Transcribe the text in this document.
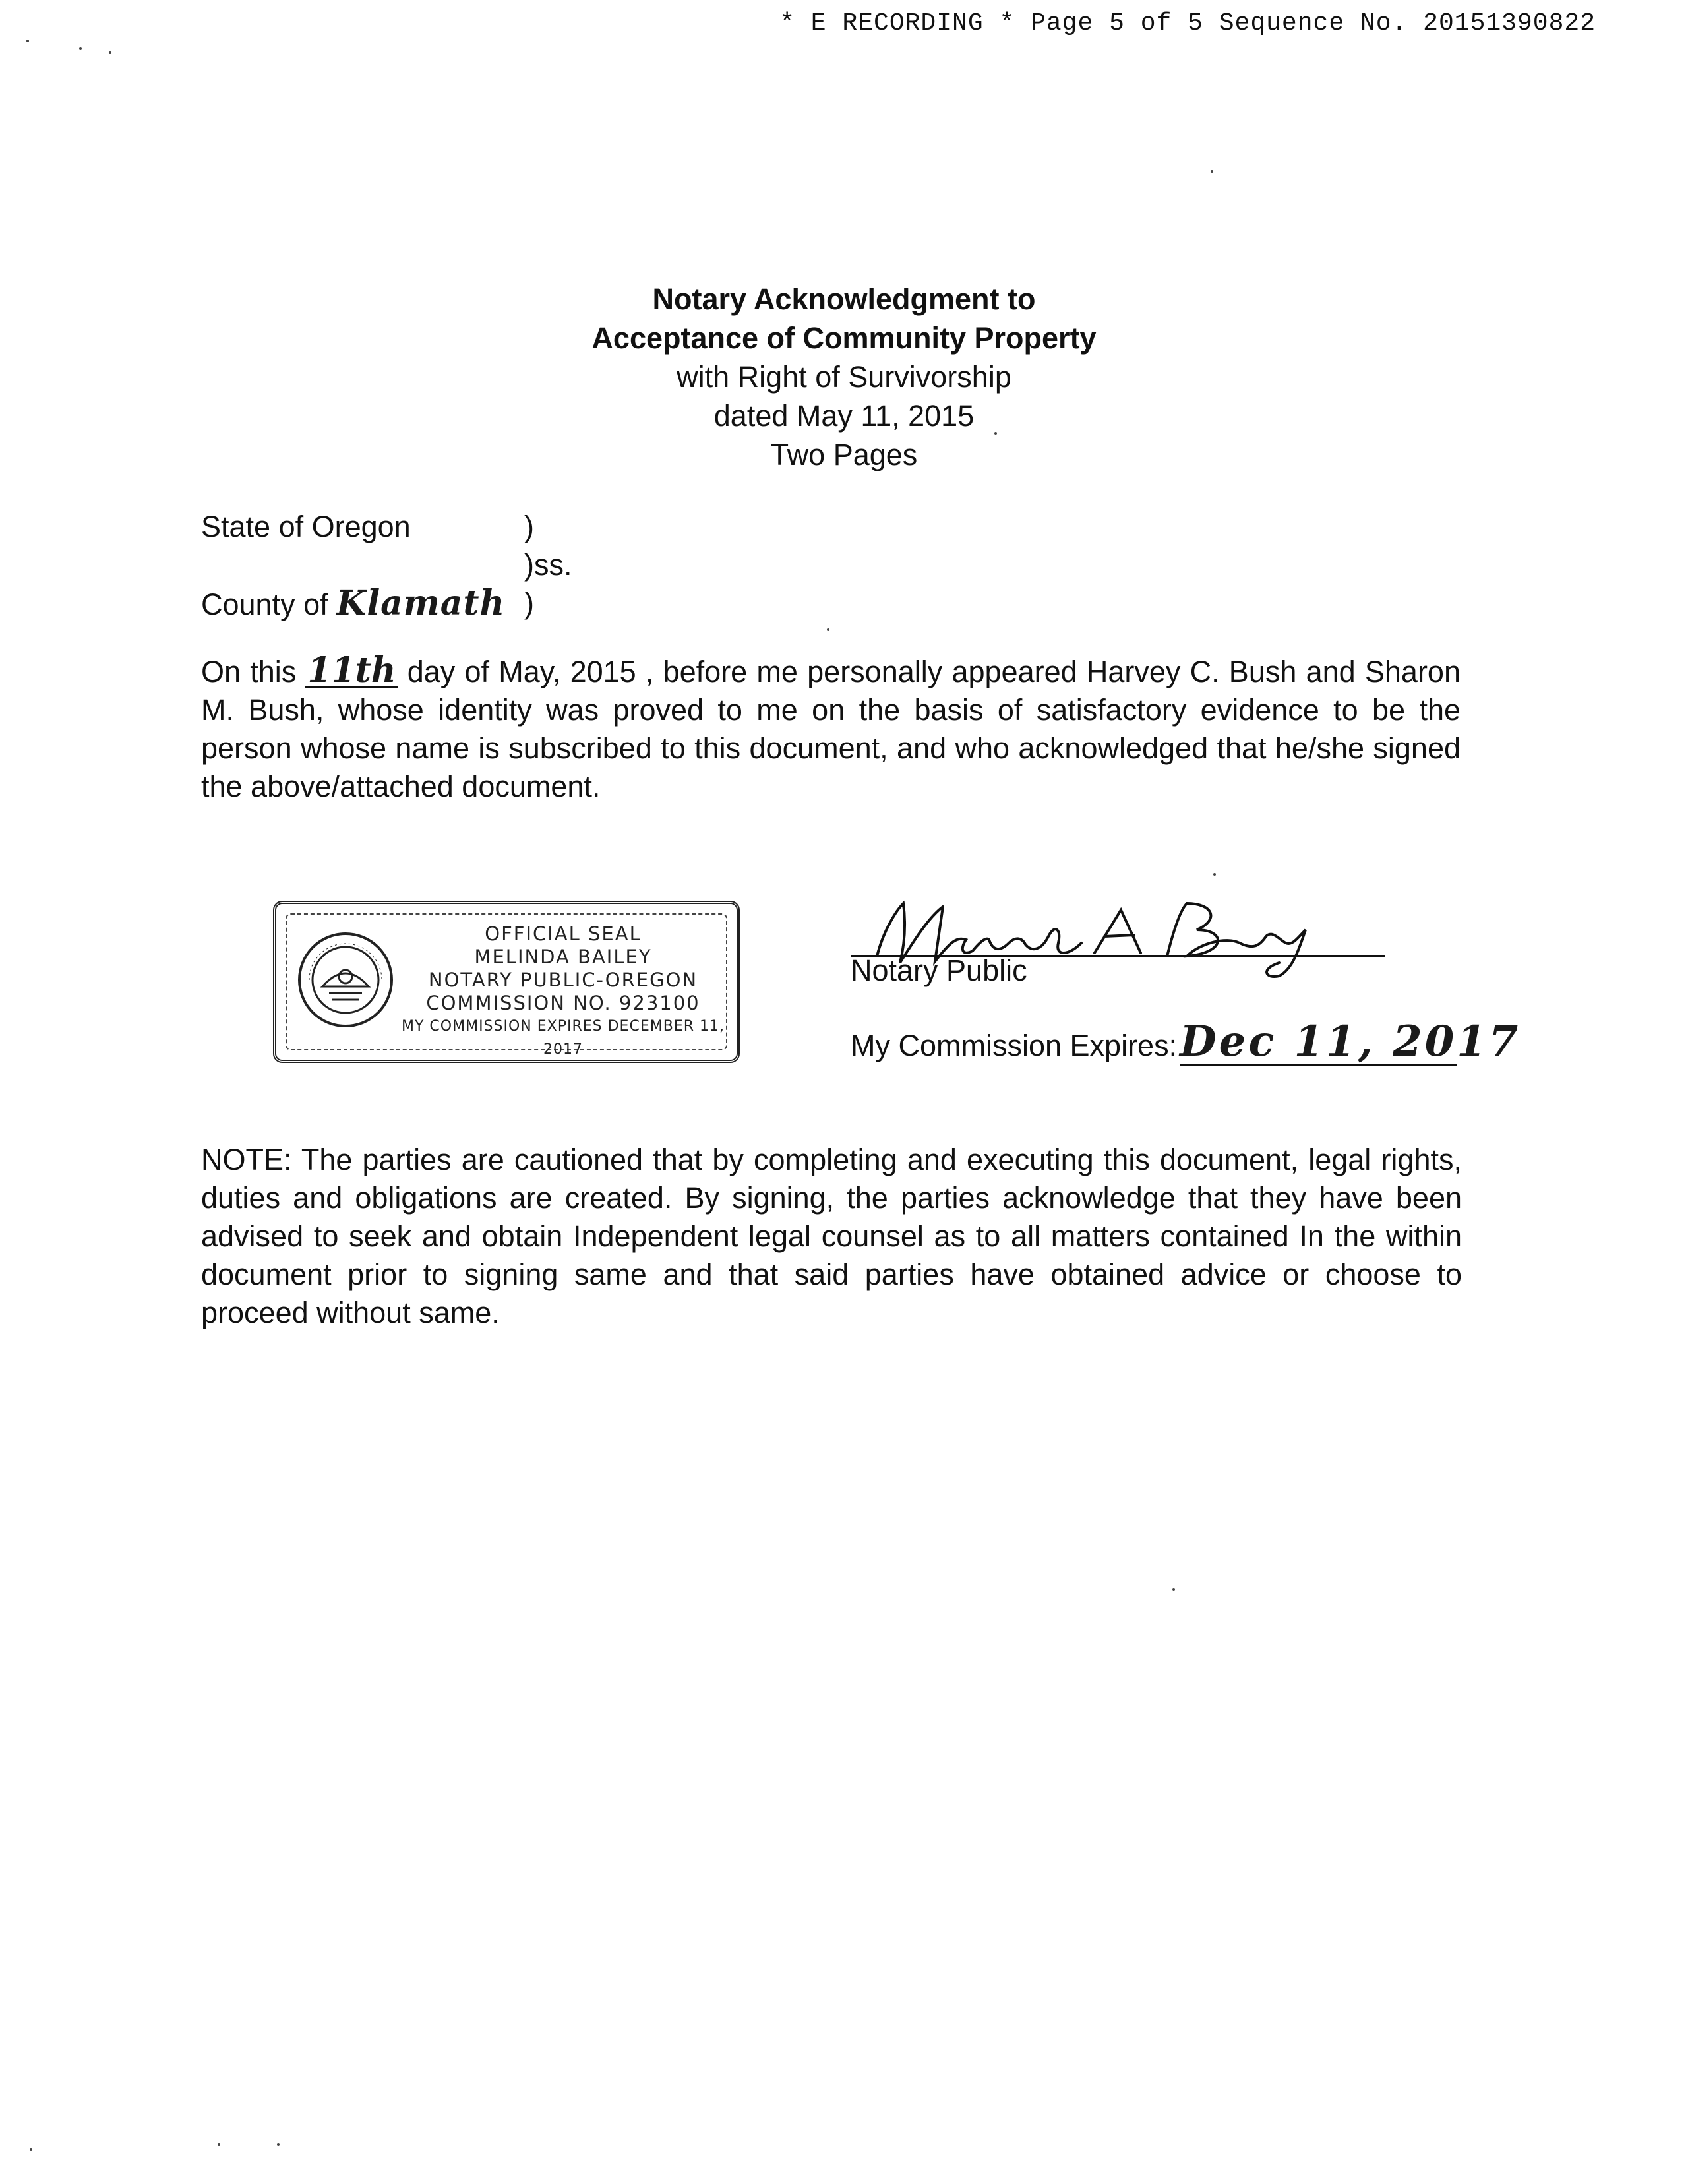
* E RECORDING * Page 5 of 5 Sequence No. 20151390822
Notary Acknowledgment to
Acceptance of Community Property
with Right of Survivorship
dated May 11, 2015
Two Pages
State of Oregon	)
)ss.
County of Klamath )
On this 11th day of May, 2015 , before me personally appeared Harvey C. Bush and Sharon M. Bush, whose identity was proved to me on the basis of satisfactory evidence to be the person whose name is subscribed to this document, and who acknowledged that he/she signed the above/attached document.
OFFICIAL SEAL
MELINDA BAILEY
NOTARY PUBLIC-OREGON
COMMISSION NO. 923100
MY COMMISSION EXPIRES DECEMBER 11, 2017
Notary Public
My Commission Expires:Dec 11, 2017
NOTE: The parties are cautioned that by completing and executing this document, legal rights, duties and obligations are created. By signing, the parties acknowledge that they have been advised to seek and obtain Independent legal counsel as to all matters contained In the within document prior to signing same and that said parties have obtained advice or choose to proceed without same.
